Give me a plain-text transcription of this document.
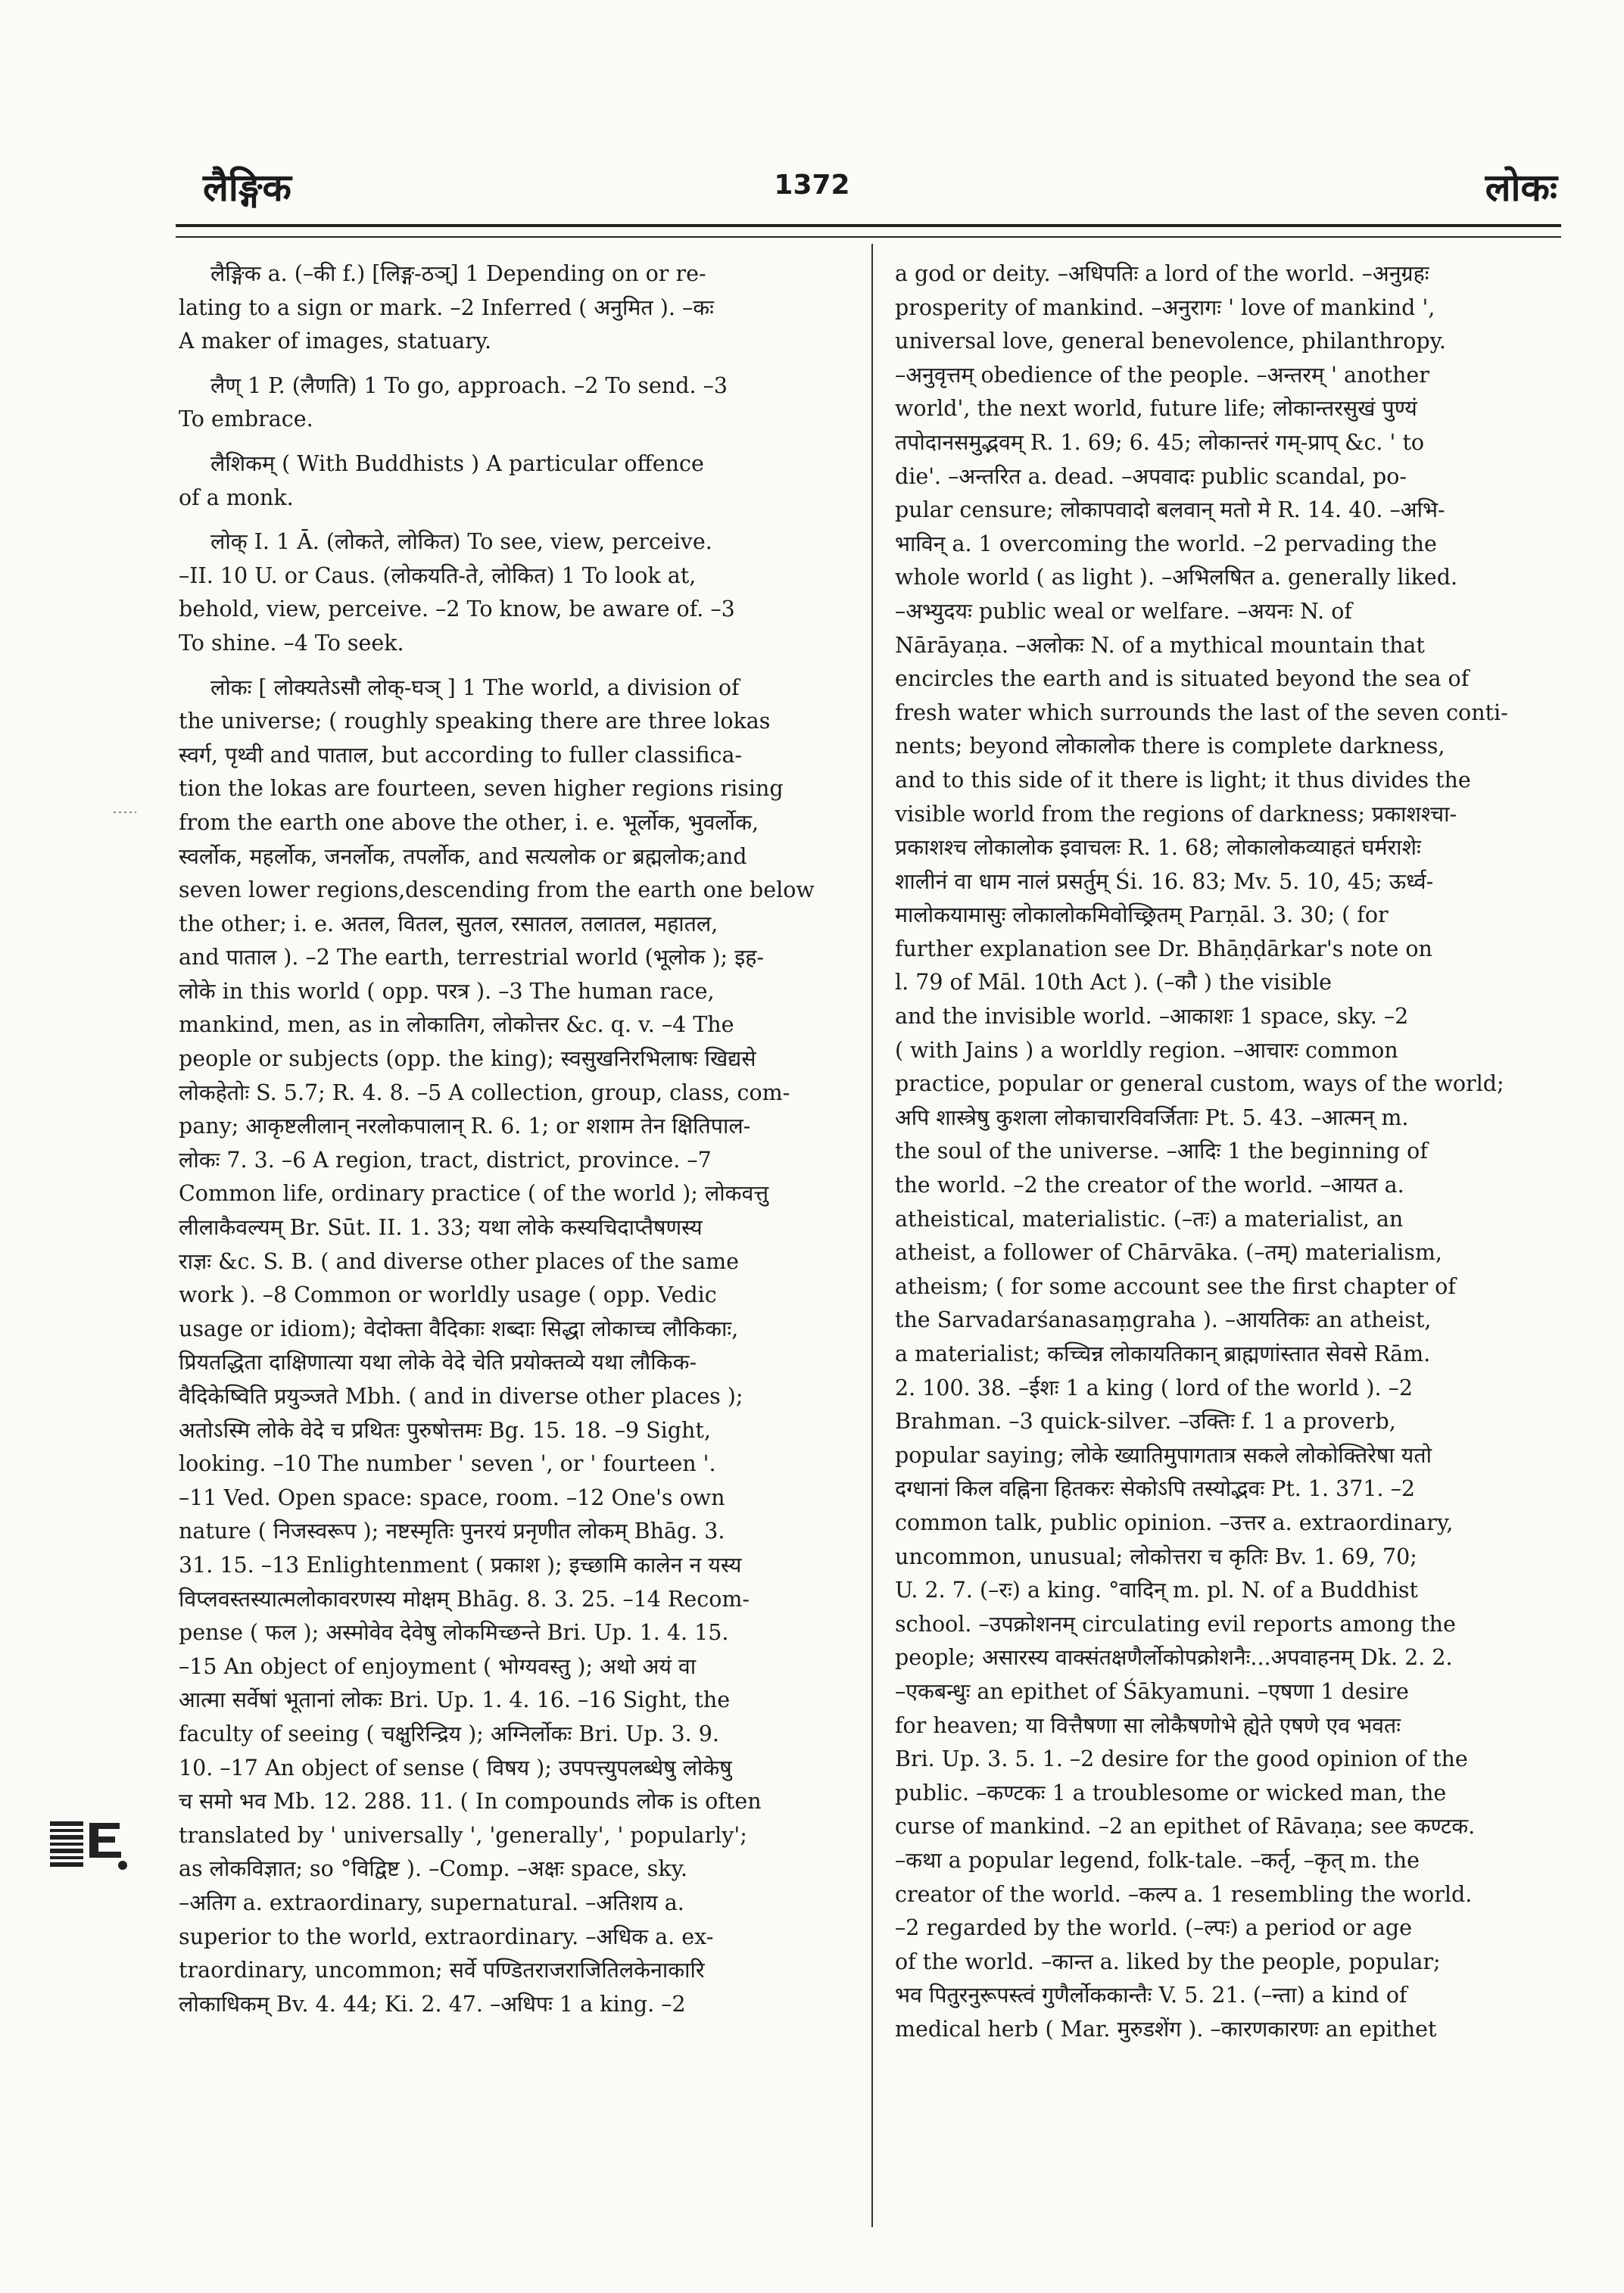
लैङ्गिक	1372	लोकः
लैङ्गिक a. (–की f.) [लिङ्ग-ठञ्] 1 Depending on or re-
lating to a sign or mark. –2 Inferred ( अनुमित ). –कः
A maker of images, statuary.
लैण् 1 P. (लैणति) 1 To go, approach. –2 To send. –3
To embrace.
लैशिकम् ( With Buddhists ) A particular offence
of a monk.
लोक् I. 1 Ā. (लोकते, लोकित) To see, view, perceive.
–II. 10 U. or Caus. (लोकयति-ते, लोकित) 1 To look at,
behold, view, perceive. –2 To know, be aware of. –3
To shine. –4 To seek.
लोकः [ लोक्यतेऽसौ लोक्-घञ् ] 1 The world, a division of
the universe; ( roughly speaking there are three lokas
स्वर्ग, पृथ्वी and पाताल, but according to fuller classifica-
tion the lokas are fourteen, seven higher regions rising
from the earth one above the other, i. e. भूर्लोक, भुवर्लोक,
स्वर्लोक, महर्लोक, जनर्लोक, तपर्लोक, and सत्यलोक or ब्रह्मलोक;and
seven lower regions,descending from the earth one below
the other; i. e. अतल, वितल, सुतल, रसातल, तलातल, महातल,
and पाताल ). –2 The earth, terrestrial world (भूलोक ); इह-
लोके in this world ( opp. परत्र ). –3 The human race,
mankind, men, as in लोकातिग, लोकोत्तर &c. q. v. –4 The
people or subjects (opp. the king); स्वसुखनिरभिलाषः खिद्यसे
लोकहेतोः S. 5.7; R. 4. 8. –5 A collection, group, class, com-
pany; आकृष्टलीलान् नरलोकपालान् R. 6. 1; or शशाम तेन क्षितिपाल-
लोकः 7. 3. –6 A region, tract, district, province. –7
Common life, ordinary practice ( of the world ); लोकवत्तु
लीलाकैवल्यम् Br. Sūt. II. 1. 33; यथा लोके कस्यचिदाप्तैषणस्य
राज्ञः &c. S. B. ( and diverse other places of the same
work ). –8 Common or worldly usage ( opp. Vedic
usage or idiom); वेदोक्ता वैदिकाः शब्दाः सिद्धा लोकाच्च लौकिकाः,
प्रियतद्धिता दाक्षिणात्या यथा लोके वेदे चेति प्रयोक्तव्ये यथा लौकिक-
वैदिकेष्विति प्रयुञ्जते Mbh. ( and in diverse other places );
अतोऽस्मि लोके वेदे च प्रथितः पुरुषोत्तमः Bg. 15. 18. –9 Sight,
looking. –10 The number ' seven ', or ' fourteen '.
–11 Ved. Open space: space, room. –12 One's own
nature ( निजस्वरूप ); नष्टस्मृतिः पुनरयं प्रनृणीत लोकम् Bhāg. 3.
31. 15. –13 Enlightenment ( प्रकाश ); इच्छामि कालेन न यस्य
विप्लवस्तस्यात्मलोकावरणस्य मोक्षम् Bhāg. 8. 3. 25. –14 Recom-
pense ( फल ); अस्मोवेव देवेषु लोकमिच्छन्ते Bri. Up. 1. 4. 15.
–15 An object of enjoyment ( भोग्यवस्तु ); अथो अयं वा
आत्मा सर्वेषां भूतानां लोकः Bri. Up. 1. 4. 16. –16 Sight, the
faculty of seeing ( चक्षुरिन्द्रिय ); अग्निर्लोकः Bri. Up. 3. 9.
10. –17 An object of sense ( विषय ); उपपत्त्युपलब्धेषु लोकेषु
च समो भव Mb. 12. 288. 11. ( In compounds लोक is often
translated by ' universally ', 'generally', ' popularly';
as लोकविज्ञात; so °विद्विष्ट ). –Comp. –अक्षः space, sky.
–अतिग a. extraordinary, supernatural. –अतिशय a.
superior to the world, extraordinary. –अधिक a. ex-
traordinary, uncommon; सर्वे पण्डितराजराजितिलकेनाकारि
लोकाधिकम् Bv. 4. 44; Ki. 2. 47. –अधिपः 1 a king. –2
a god or deity. –अधिपतिः a lord of the world. –अनुग्रहः
prosperity of mankind. –अनुरागः ' love of mankind ',
universal love, general benevolence, philanthropy.
–अनुवृत्तम् obedience of the people. –अन्तरम् ' another
world', the next world, future life; लोकान्तरसुखं पुण्यं
तपोदानसमुद्भवम् R. 1. 69; 6. 45; लोकान्तरं गम्-प्राप् &c. ' to
die'. –अन्तरित a. dead. –अपवादः public scandal, po-
pular censure; लोकापवादो बलवान् मतो मे R. 14. 40. –अभि-
भाविन् a. 1 overcoming the world. –2 pervading the
whole world ( as light ). –अभिलषित a. generally liked.
–अभ्युदयः public weal or welfare. –अयनः N. of
Nārāyaṇa. –अलोकः N. of a mythical mountain that
encircles the earth and is situated beyond the sea of
fresh water which surrounds the last of the seven conti-
nents; beyond लोकालोक there is complete darkness,
and to this side of it there is light; it thus divides the
visible world from the regions of darkness; प्रकाशश्चा-
प्रकाशश्च लोकालोक इवाचलः R. 1. 68; लोकालोकव्याहतं घर्मराशेः
शालीनं वा धाम नालं प्रसर्तुम् Śi. 16. 83; Mv. 5. 10, 45; ऊर्ध्व-
मालोकयामासुः लोकालोकमिवोच्छ्रितम् Parṇāl. 3. 30; ( for
further explanation see Dr. Bhāṇḍārkar's note on
l. 79 of Māl. 10th Act ). (–कौ ) the visible
and the invisible world. –आकाशः 1 space, sky. –2
( with Jains ) a worldly region. –आचारः common
practice, popular or general custom, ways of the world;
अपि शास्त्रेषु कुशला लोकाचारविवर्जिताः Pt. 5. 43. –आत्मन् m.
the soul of the universe. –आदिः 1 the beginning of
the world. –2 the creator of the world. –आयत a.
atheistical, materialistic. (–तः) a materialist, an
atheist, a follower of Chārvāka. (–तम्) materialism,
atheism; ( for some account see the first chapter of
the Sarvadarśanasaṃgraha ). –आयतिकः an atheist,
a materialist; कच्चिन्न लोकायतिकान् ब्राह्मणांस्तात सेवसे Rām.
2. 100. 38. –ईशः 1 a king ( lord of the world ). –2
Brahman. –3 quick-silver. –उक्तिः f. 1 a proverb,
popular saying; लोके ख्यातिमुपागतात्र सकले लोकोक्तिरेषा यतो
दग्धानां किल वह्निना हितकरः सेकोऽपि तस्योद्भवः Pt. 1. 371. –2
common talk, public opinion. –उत्तर a. extraordinary,
uncommon, unusual; लोकोत्तरा च कृतिः Bv. 1. 69, 70;
U. 2. 7. (–रः) a king. °वादिन् m. pl. N. of a Buddhist
school. –उपक्रोशनम् circulating evil reports among the
people; असारस्य वाक्संतक्षणैर्लोकोपक्रोशनैः...अपवाहनम् Dk. 2. 2.
–एकबन्धुः an epithet of Śākyamuni. –एषणा 1 desire
for heaven; या वित्तैषणा सा लोकैषणोभे ह्येते एषणे एव भवतः
Bri. Up. 3. 5. 1. –2 desire for the good opinion of the
public. –कण्टकः 1 a troublesome or wicked man, the
curse of mankind. –2 an epithet of Rāvaṇa; see कण्टक.
–कथा a popular legend, folk-tale. –कर्तृ, –कृत् m. the
creator of the world. –कल्प a. 1 resembling the world.
–2 regarded by the world. (–ल्पः) a period or age
of the world. –कान्त a. liked by the people, popular;
भव पितुरनुरूपस्त्वं गुणैर्लोककान्तैः V. 5. 21. (–न्ता) a kind of
medical herb ( Mar. मुरुडशेंग ). –कारणकारणः an epithet
